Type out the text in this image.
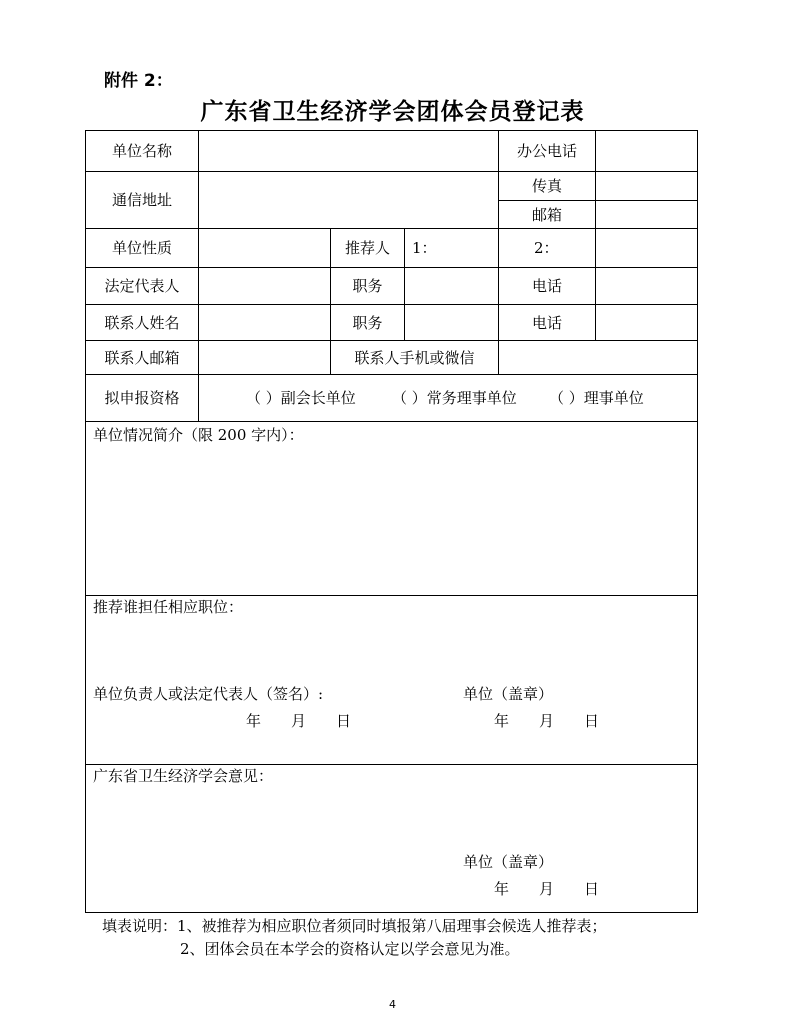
附件 2：
广东省卫生经济学会团体会员登记表
单位名称	办公电话
通信地址
传真
邮箱
单位性质	推荐人	1：	2：
法定代表人	职务	电话
联系人姓名	职务	电话
联系人邮箱	联系人手机或微信
拟申报资格	（ ）副会长单位 （ ）常务理事单位 （ ）理事单位
单位情况简介（限 200 字内）：
推荐谁担任相应职位：
单位负责人或法定代表人（签名）:	单位（盖章）
年　　月　　日	年　　月　　日
广东省卫生经济学会意见：
单位（盖章）
年　　月　　日
填表说明：1、被推荐为相应职位者须同时填报第八届理事会候选人推荐表；
2、团体会员在本学会的资格认定以学会意见为准。
4
